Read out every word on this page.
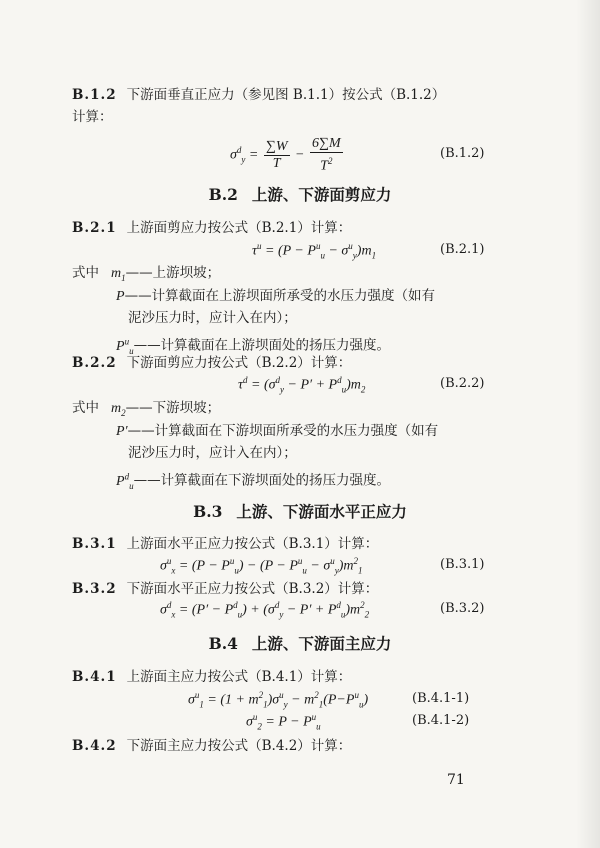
B.1.2 下游面垂直正应力（参见图 B.1.1）按公式（B.1.2）
计算：
$\sigma^d_y = \frac{\sum W}{T} - \frac{6\sum M}{T^2}$	(B.1.2)
B.2 上游、下游面剪应力
B.2.1 上游面剪应力按公式（B.2.1）计算：
$\tau^u = (P - P^u_u - \sigma^u_y)m_1$	(B.2.1)
式中 $m_1——$上游坝坡；
P——计算截面在上游坝面所承受的水压力强度（如有
泥沙压力时，应计入在内）；
$P^u_u——$计算截面在上游坝面处的扬压力强度。
B.2.2 下游面剪应力按公式（B.2.2）计算：
$\tau^d = (\sigma^d_y - P' + P^d_u)m_2$	(B.2.2)
式中 $m_2——$下游坝坡；
P′——计算截面在下游坝面所承受的水压力强度（如有
泥沙压力时，应计入在内）；
$P^d_u——$计算截面在下游坝面处的扬压力强度。
B.3 上游、下游面水平正应力
B.3.1 上游面水平正应力按公式（B.3.1）计算：
$\sigma^u_x = (P - P^u_u) - (P - P^u_u - \sigma^u_y)m^2_1$	(B.3.1)
B.3.2 下游面水平正应力按公式（B.3.2）计算：
$\sigma^d_x = (P' - P^d_u) + (\sigma^d_y - P' + P^d_u)m^2_2$	(B.3.2)
B.4 上游、下游面主应力
B.4.1 上游面主应力按公式（B.4.1）计算：
$\sigma^u_1 = (1 + m^2_1)\sigma^u_y - m^2_1(P-P^u_u)$	(B.4.1-1)
$\sigma^u_2 = P - P^u_u$	(B.4.1-2)
B.4.2 下游面主应力按公式（B.4.2）计算：
71
